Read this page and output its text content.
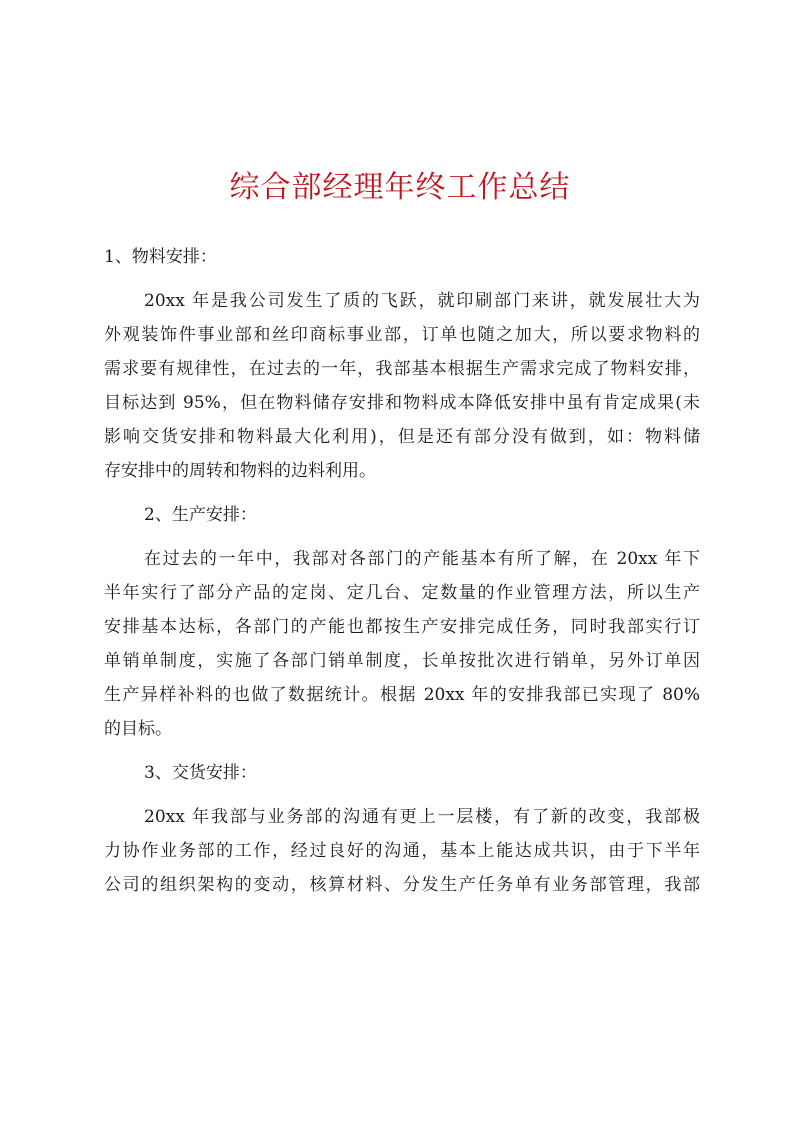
综合部经理年终工作总结
1、物料安排：
20xx 年是我公司发生了质的飞跃，就印刷部门来讲，就发展壮大为
外观装饰件事业部和丝印商标事业部，订单也随之加大，所以要求物料的
需求要有规律性，在过去的一年，我部基本根据生产需求完成了物料安排，
目标达到 95%，但在物料储存安排和物料成本降低安排中虽有肯定成果(未
影响交货安排和物料最大化利用)，但是还有部分没有做到，如：物料储
存安排中的周转和物料的边料利用。
2、生产安排：
在过去的一年中，我部对各部门的产能基本有所了解，在 20xx 年下
半年实行了部分产品的定岗、定几台、定数量的作业管理方法，所以生产
安排基本达标，各部门的产能也都按生产安排完成任务，同时我部实行订
单销单制度，实施了各部门销单制度，长单按批次进行销单，另外订单因
生产异样补料的也做了数据统计。根据 20xx 年的安排我部已实现了 80%
的目标。
3、交货安排：
20xx 年我部与业务部的沟通有更上一层楼，有了新的改变，我部极
力协作业务部的工作，经过良好的沟通，基本上能达成共识，由于下半年
公司的组织架构的变动，核算材料、分发生产任务单有业务部管理，我部
